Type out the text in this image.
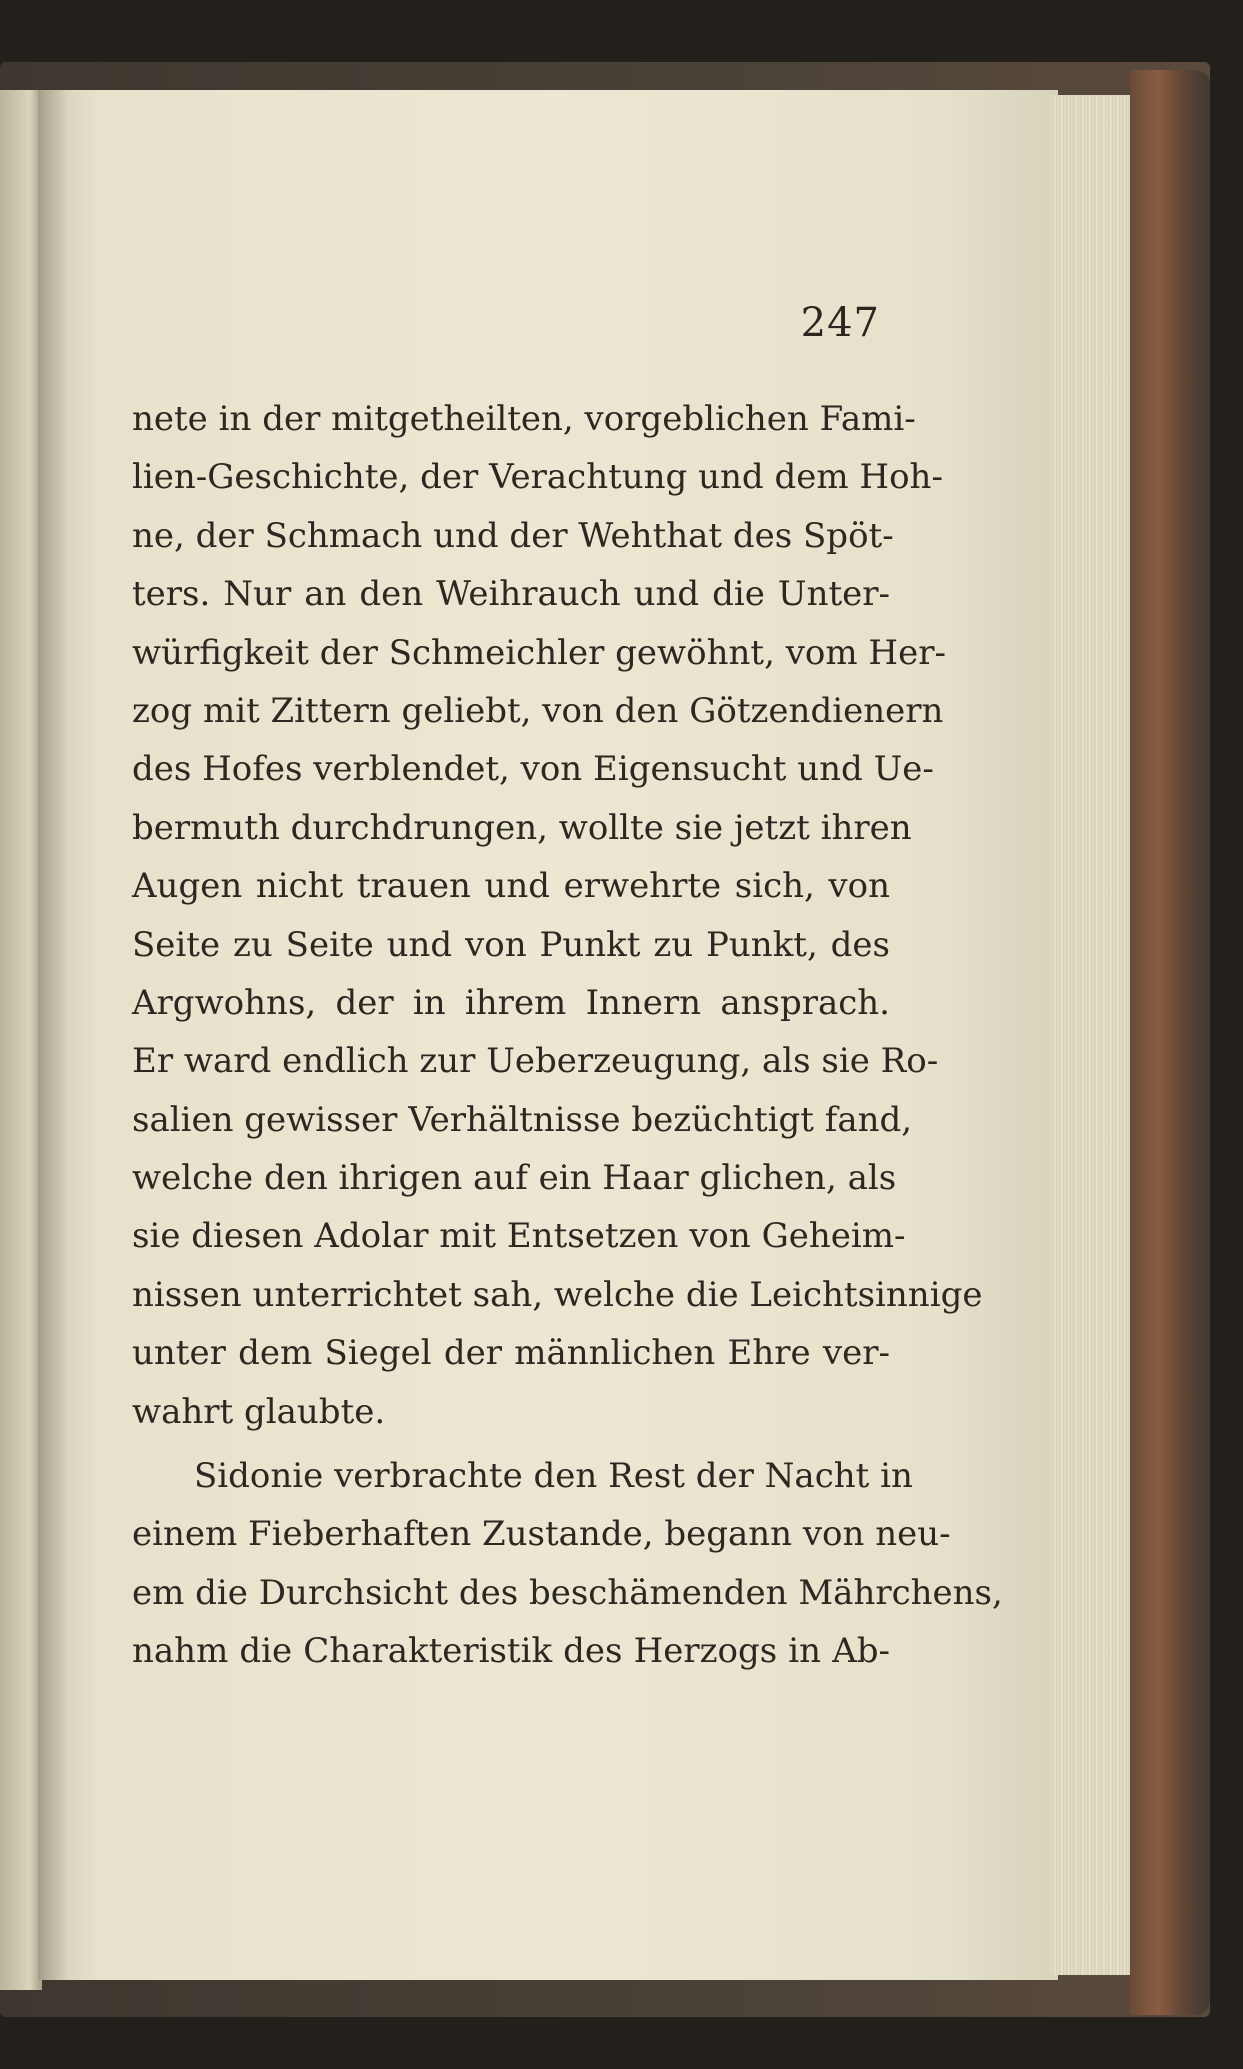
247
nete in der mitgetheilten, vorgeblichen Fami-
lien-Geschichte, der Verachtung und dem Hoh-
ne, der Schmach und der Wehthat des Spöt-
ters. Nur an den Weihrauch und die Unter-
würfigkeit der Schmeichler gewöhnt, vom Her-
zog mit Zittern geliebt, von den Götzendienern
des Hofes verblendet, von Eigensucht und Ue-
bermuth durchdrungen, wollte sie jetzt ihren
Augen nicht trauen und erwehrte sich, von
Seite zu Seite und von Punkt zu Punkt, des
Argwohns, der in ihrem Innern ansprach.
Er ward endlich zur Ueberzeugung, als sie Ro-
salien gewisser Verhältnisse bezüchtigt fand,
welche den ihrigen auf ein Haar glichen, als
sie diesen Adolar mit Entsetzen von Geheim-
nissen unterrichtet sah, welche die Leichtsinnige
unter dem Siegel der männlichen Ehre ver-
wahrt glaubte.
Sidonie verbrachte den Rest der Nacht in
einem Fieberhaften Zustande, begann von neu-
em die Durchsicht des beschämenden Mährchens,
nahm die Charakteristik des Herzogs in Ab-
